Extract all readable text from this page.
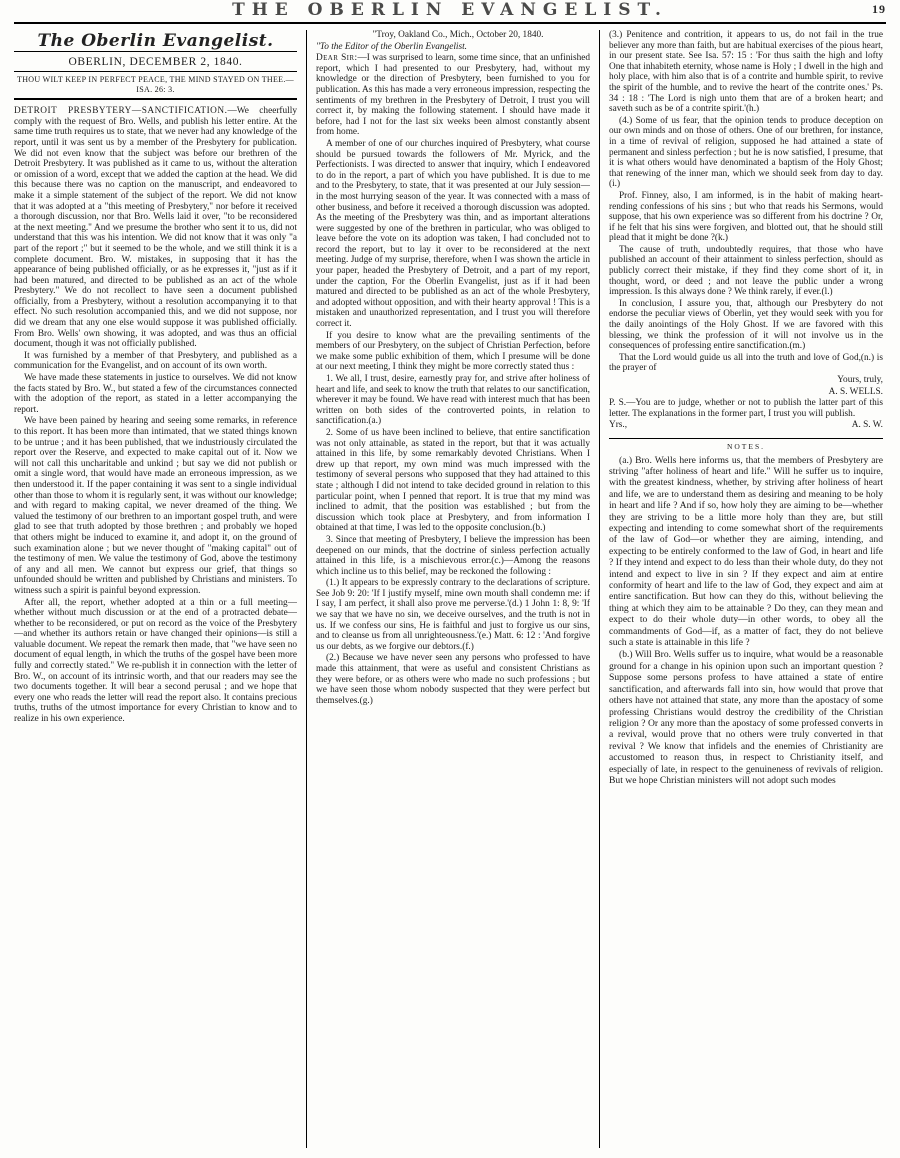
THE OBERLIN EVANGELIST.	19
The Oberlin Evangelist.
OBERLIN, DECEMBER 2, 1840.
THOU WILT KEEP IN PERFECT PEACE, THE MIND STAYED ON THEE.—ISA. 26: 3.

DETROIT PRESBYTERY—SANCTIFICATION.—We cheerfully comply with the request of Bro. Wells, and publish his letter entire. At the same time truth requires us to state, that we never had any knowledge of the report, until it was sent us by a member of the Presbytery for publication. We did not even know that the subject was before our brethren of the Detroit Presbytery. It was published as it came to us, without the alteration or omission of a word, except that we added the caption at the head. We did this because there was no caption on the manuscript, and endeavored to make it a simple statement of the subject of the report. We did not know that it was adopted at a "this meeting of Presbytery," nor before it received a thorough discussion, nor that Bro. Wells laid it over, "to be reconsidered at the next meeting." And we presume the brother who sent it to us, did not understand that this was his intention. We did not know that it was only "a part of the report ;" but it seemed to be the whole, and we still think it is a complete document. Bro. W. mistakes, in supposing that it has the appearance of being published officially, or as he expresses it, "just as if it had been matured, and directed to be published as an act of the whole Presbytery." We do not recollect to have seen a document published officially, from a Presbytery, without a resolution accompanying it to that effect. No such resolution accompanied this, and we did not suppose, nor did we dream that any one else would suppose it was published officially. From Bro. Wells' own showing, it was adopted, and was thus an official document, though it was not officially published.

It was furnished by a member of that Presbytery, and published as a communication for the Evangelist, and on account of its own worth.

We have made these statements in justice to ourselves. We did not know the facts stated by Bro. W., but stated a few of the circumstances connected with the adoption of the report, as stated in a letter accompanying the report.

We have been pained by hearing and seeing some remarks, in reference to this report. It has been more than intimated, that we stated things known to be untrue ; and it has been published, that we industriously circulated the report over the Reserve, and expected to make capital out of it. Now we will not call this uncharitable and unkind ; but say we did not publish or omit a single word, that would have made an erroneous impression, as we then understood it. If the paper containing it was sent to a single individual other than those to whom it is regularly sent, it was without our knowledge; and with regard to making capital, we never dreamed of the thing. We valued the testimony of our brethren to an important gospel truth, and were glad to see that truth adopted by those brethren ; and probably we hoped that others might be induced to examine it, and adopt it, on the ground of such examination alone ; but we never thought of "making capital" out of the testimony of men. We value the testimony of God, above the testimony of any and all men. We cannot but express our grief, that things so unfounded should be written and published by Christians and ministers. To witness such a spirit is painful beyond expression.

After all, the report, whether adopted at a thin or a full meeting—whether without much discussion or at the end of a protracted debate—whether to be reconsidered, or put on record as the voice of the Presbytery—and whether its authors retain or have changed their opinions—is still a valuable document. We repeat the remark then made, that "we have seen no document of equal length, in which the truths of the gospel have been more fully and correctly stated." We re-publish it in connection with the letter of Bro. W., on account of its intrinsic worth, and that our readers may see the two documents together. It will bear a second perusal ; and we hope that every one who reads the letter will read the report also. It contains precious truths, truths of the utmost importance for every Christian to know and to realize in his own experience.

"Troy, Oakland Co., Mich., October 20, 1840.

"To the Editor of the Oberlin Evangelist.

Dear Sir:—I was surprised to learn, some time since, that an unfinished report, which I had presented to our Presbytery, had, without my knowledge or the direction of Presbytery, been furnished to you for publication. As this has made a very erroneous impression, respecting the sentiments of my brethren in the Presbytery of Detroit, I trust you will correct it, by making the following statement. I should have made it before, had I not for the last six weeks been almost constantly absent from home.

A member of one of our churches inquired of Presbytery, what course should be pursued towards the followers of Mr. Myrick, and the Perfectionists. I was directed to answer that inquiry, which I endeavored to do in the report, a part of which you have published. It is due to me and to the Presbytery, to state, that it was presented at our July session—in the most hurrying season of the year. It was connected with a mass of other business, and before it received a thorough discussion was adopted. As the meeting of the Presbytery was thin, and as important alterations were suggested by one of the brethren in particular, who was obliged to leave before the vote on its adoption was taken, I had concluded not to record the report, but to lay it over to be reconsidered at the next meeting. Judge of my surprise, therefore, when I was shown the article in your paper, headed the Presbytery of Detroit, and a part of my report, under the caption, For the Oberlin Evangelist, just as if it had been matured and directed to be published as an act of the whole Presbytery, and adopted without opposition, and with their hearty approval ! This is a mistaken and unauthorized representation, and I trust you will therefore correct it.

If you desire to know what are the prevailing sentiments of the members of our Presbytery, on the subject of Christian Perfection, before we make some public exhibition of them, which I presume will be done at our next meeting, I think they might be more correctly stated thus :

1. We all, I trust, desire, earnestly pray for, and strive after holiness of heart and life, and seek to know the truth that relates to our sanctification, wherever it may be found. We have read with interest much that has been written on both sides of the controverted points, in relation to sanctification.(a.)

2. Some of us have been inclined to believe, that entire sanctification was not only attainable, as stated in the report, but that it was actually attained in this life, by some remarkably devoted Christians. When I drew up that report, my own mind was much impressed with the testimony of several persons who supposed that they had attained to this state ; although I did not intend to take decided ground in relation to this particular point, when I penned that report. It is true that my mind was inclined to admit, that the position was established ; but from the discussion which took place at Presbytery, and from information I obtained at that time, I was led to the opposite conclusion.(b.)

3. Since that meeting of Presbytery, I believe the impression has been deepened on our minds, that the doctrine of sinless perfection actually attained in this life, is a mischievous error.(c.)—Among the reasons which incline us to this belief, may be reckoned the following :

(1.) It appears to be expressly contrary to the declarations of scripture. See Job 9: 20: 'If I justify myself, mine own mouth shall condemn me: if I say, I am perfect, it shall also prove me perverse.'(d.) 1 John 1: 8, 9: 'If we say that we have no sin, we deceive ourselves, and the truth is not in us. If we confess our sins, He is faithful and just to forgive us our sins, and to cleanse us from all unrighteousness.'(e.) Matt. 6: 12 : 'And forgive us our debts, as we forgive our debtors.(f.)

(2.) Because we have never seen any persons who professed to have made this attainment, that were as useful and consistent Christians as they were before, or as others were who made no such professions ; but we have seen those whom nobody suspected that they were perfect but themselves.(g.)

(3.) Penitence and contrition, it appears to us, do not fail in the true believer any more than faith, but are habitual exercises of the pious heart, in our present state. See Isa. 57: 15 : 'For thus saith the high and lofty One that inhabiteth eternity, whose name is Holy ; I dwell in the high and holy place, with him also that is of a contrite and humble spirit, to revive the spirit of the humble, and to revive the heart of the contrite ones.' Ps. 34 : 18 : 'The Lord is nigh unto them that are of a broken heart; and saveth such as be of a contrite spirit.'(h.)

(4.) Some of us fear, that the opinion tends to produce deception on our own minds and on those of others. One of our brethren, for instance, in a time of revival of religion, supposed he had attained a state of permanent and sinless perfection ; but he is now satisfied, I presume, that it is what others would have denominated a baptism of the Holy Ghost; that renewing of the inner man, which we should seek from day to day.(i.)

Prof. Finney, also, I am informed, is in the habit of making heart-rending confessions of his sins ; but who that reads his Sermons, would suppose, that his own experience was so different from his doctrine ? Or, if he felt that his sins were forgiven, and blotted out, that he should still plead that it might be done ?(k.)

The cause of truth, undoubtedly requires, that those who have published an account of their attainment to sinless perfection, should as publicly correct their mistake, if they find they come short of it, in thought, word, or deed ; and not leave the public under a wrong impression. Is this always done ? We think rarely, if ever.(l.)

In conclusion, I assure you, that, although our Presbytery do not endorse the peculiar views of Oberlin, yet they would seek with you for the daily anointings of the Holy Ghost. If we are favored with this blessing, we think the profession of it will not involve us in the consequences of professing entire sanctification.(m.)

That the Lord would guide us all into the truth and love of God,(n.) is the prayer of

Yours, truly,

A. S. WELLS.

P. S.—You are to judge, whether or not to publish the latter part of this letter. The explanations in the former part, I trust you will publish.

Yrs.,	A. S. W.

NOTES.

(a.) Bro. Wells here informs us, that the members of Presbytery are striving "after holiness of heart and life." Will he suffer us to inquire, with the greatest kindness, whether, by striving after holiness of heart and life, we are to understand them as desiring and meaning to be holy in heart and life ? And if so, how holy they are aiming to be—whether they are striving to be a little more holy than they are, but still expecting and intending to come somewhat short of the requirements of the law of God—or whether they are aiming, intending, and expecting to be entirely conformed to the law of God, in heart and life ? If they intend and expect to do less than their whole duty, do they not intend and expect to live in sin ? If they expect and aim at entire conformity of heart and life to the law of God, they expect and aim at entire sanctification. But how can they do this, without believing the thing at which they aim to be attainable ? Do they, can they mean and expect to do their whole duty—in other words, to obey all the commandments of God—if, as a matter of fact, they do not believe such a state is attainable in this life ?

(b.) Will Bro. Wells suffer us to inquire, what would be a reasonable ground for a change in his opinion upon such an important question ? Suppose some persons profess to have attained a state of entire sanctification, and afterwards fall into sin, how would that prove that others have not attained that state, any more than the apostacy of some professing Christians would destroy the credibility of the Christian religion ? Or any more than the apostacy of some professed converts in a revival, would prove that no others were truly converted in that revival ? We know that infidels and the enemies of Christianity are accustomed to reason thus, in respect to Christianity itself, and especially of late, in respect to the genuineness of revivals of religion. But we hope Christian ministers will not adopt such modes
